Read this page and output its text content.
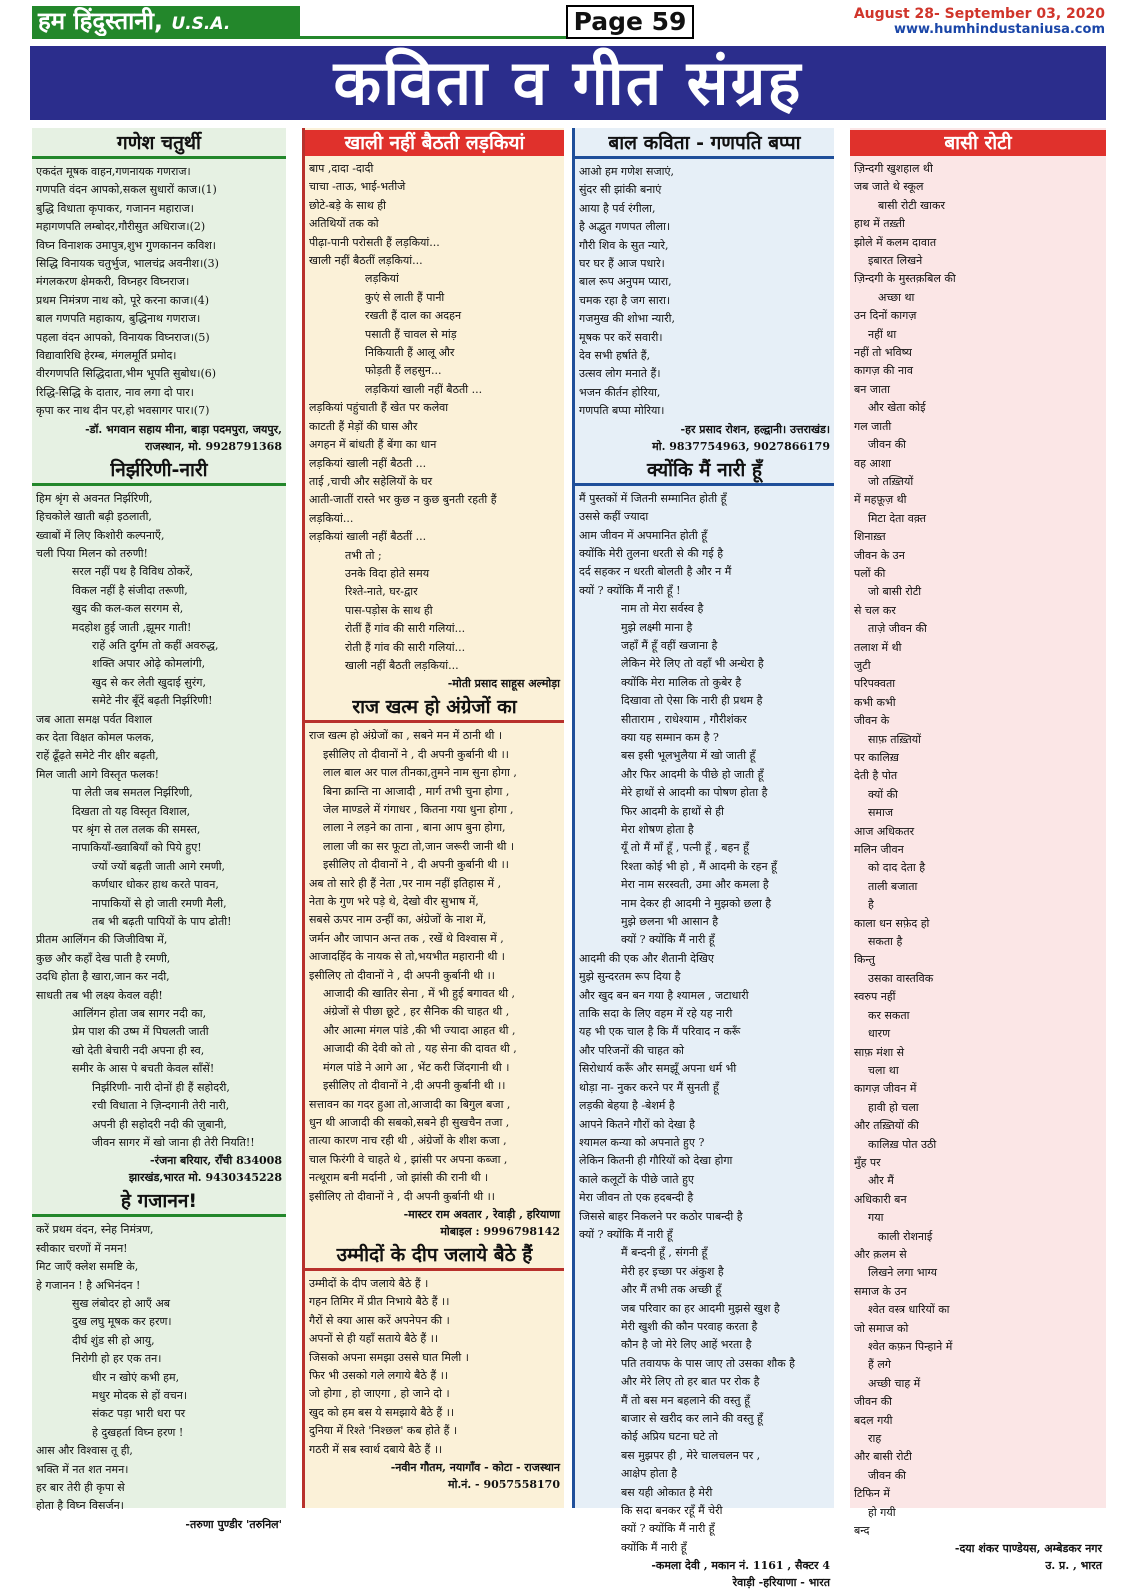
हम हिंदुस्तानी, U.S.A.	Page 59	August 28- September 03, 2020
www.humhindustaniusa.com
कविता व गीत संग्रह
गणेश चतुर्थी
एकदंत मूषक वाहन,गणनायक गणराज।
गणपति वंदन आपको,सकल सुधारों काज।(1)
बुद्धि विधाता कृपाकर, गजानन महाराज।
महागणपति लम्बोदर,गौरीसुत अधिराज।(2)
विघ्न विनाशक उमापुत्र,शुभ गुणकानन कविश।
सिद्धि विनायक चतुर्भुज, भालचंद्र अवनीश।(3)
मंगलकरण क्षेमकरी, विघ्नहर विघ्नराज।
प्रथम निमंत्रण नाथ को, पूरे करना काज।(4)
बाल गणपति महाकाय, बुद्धिनाथ गणराज।
पहला वंदन आपको, विनायक विघ्नराज।(5)
विद्यावारिधि हेरम्ब, मंगलमूर्ति प्रमोद।
वीरगणपति सिद्धिदाता,भीम भूपति सुबोध।(6)
रिद्धि-सिद्धि के दातार, नाव लगा दो पार।
कृपा कर नाथ दीन पर,हो भवसागर पार।(7)
-डॉ. भगवान सहाय मीना, बाड़ा पदमपुरा, जयपुर,
राजस्थान, मो. 9928791368
निर्झरिणी-नारी
हिम श्रृंग से अवनत निर्झरिणी,
हिचकोले खाती बढ़ी इठलाती,
ख्वाबों में लिए किशोरी कल्पनाएँ,
चली पिया मिलन को तरुणी!
सरल नहीं पथ है विविध ठोकरें,
विकल नहीं है संजीदा तरूणी,
खुद की कल-कल सरगम से,
मदहोश हुई जाती ,झूमर गाती!
राहें अति दुर्गम तो कहीं अवरुद्ध,
शक्ति अपार ओढ़े कोमलांगी,
खुद से कर लेती खुदाई सुरंग,
समेटे नीर बूँदें बढ़ती निर्झरिणी!
जब आता समक्ष पर्वत विशाल
कर देता विक्षत कोमल फलक,
राहें ढूँढ़ते समेटे नीर क्षीर बढ़ती,
मिल जाती आगे विस्तृत फलक!
पा लेती जब समतल निर्झरिणी,
दिखता तो यह विस्तृत विशाल,
पर श्रृंग से तल तलक की समस्त,
नापाकियाँ-ख्वाबियाँ को पिये हुए!
ज्यों ज्यों बढ़ती जाती आगे रमणी,
कर्णधार धोकर हाथ करते पावन,
नापाकियों से हो जाती रमणी मैली,
तब भी बढ़ती पापियों के पाप ढोती!
प्रीतम आलिंगन की जिजीविषा में,
कुछ और कहाँ देख पाती है रमणी,
उदधि होता है खारा,जान कर नदी,
साधती तब भी लक्ष्य केवल वही!
आलिंगन होता जब सागर नदी का,
प्रेम पाश की उष्म में पिघलती जाती
खो देती बेचारी नदी अपना ही स्व,
समीर के आस पे बचती केवल साँसें!
निर्झरिणी- नारी दोनों ही हैं सहोदरी,
रची विधाता ने ज़िन्दगानी तेरी नारी,
अपनी ही सहोदरी नदी की ज़ुबानी,
जीवन सागर में खो जाना ही तेरी नियति!!
-रंजना बरियार, राँची 834008
झारखंड,भारत मो. 9430345228
हे गजानन!
करें प्रथम वंदन, स्नेह निमंत्रण,
स्वीकार चरणों में नमन!
मिट जाएँ क्लेश समष्टि के,
हे गजानन ! है अभिनंदन !
सुख लंबोदर हो आएँ अब
दुख लघु मूषक कर हरण।
दीर्घ शुंड सी हो आयु,
निरोगी हो हर एक तन।
धीर न खोएं कभी हम,
मधुर मोदक से हों वचन।
संकट पड़ा भारी धरा पर
हे दुखहर्ता विघ्न हरण !
आस और विश्वास तू ही,
भक्ति में नत शत नमन।
हर बार तेरी ही कृपा से
होता है विघ्न विसर्जन।
-तरुणा पुण्डीर 'तरुनिल'
खाली नहीं बैठती लड़कियां
बाप ,दादा -दादी
चाचा -ताऊ, भाई-भतीजे
छोटे-बड़े के साथ ही
अतिथियों तक को
पीढ़ा-पानी परोसती हैं लड़कियां...
खाली नहीं बैठतीं लड़कियां...
लड़कियां
कुएं से लाती हैं पानी
रखती हैं दाल का अदहन
पसाती हैं चावल से मांड़
निकियाती हैं आलू और
फोड़ती हैं लहसुन...
लड़कियां खाली नहीं बैठती ...
लड़कियां पहुंचाती हैं खेत पर कलेवा
काटती हैं मेड़ों की घास और
अगहन में बांधती हैं बेंगा का धान
लड़कियां खाली नहीं बैठती ...
ताई ,चाची और सहेलियों के घर
आती-जातीं रास्ते भर कुछ न कुछ बुनती रहती हैं
लड़कियां...
लड़कियां खाली नहीं बैठतीं ...
तभी तो ;
उनके विदा होते समय
रिश्ते-नाते, घर-द्वार
पास-पड़ोस के साथ ही
रोतीं हैं गांव की सारी गलियां...
रोती हैं गांव की सारी गलियां...
खाली नहीं बैठती लड़कियां...
-मोती प्रसाद साहूस अल्मोड़ा
राज खत्म हो अंग्रेजों का
राज खत्म हो अंग्रेजों का , सबने मन में ठानी थी ।
इसीलिए तो दीवानों ने , दी अपनी कुर्बानी थी ।।
लाल बाल अर पाल तीनका,तुमने नाम सुना होगा ,
बिना क्रान्ति ना आजादी , मार्ग तभी चुना होगा ,
जेल माण्डले में गंगाधर , कितना गया धुना होगा ,
लाला ने लड़ने का ताना , बाना आप बुना होगा,
लाला जी का सर फूटा तो,जान जरूरी जानी थी ।
इसीलिए तो दीवानों ने , दी अपनी कुर्बानी थी ।।
अब तो सारे ही हैं नेता ,पर नाम नहीं इतिहास में ,
नेता के गुण भरे पड़े थे, देखो वीर सुभाष में,
सबसे ऊपर नाम उन्हीं का, अंग्रेजों के नाश में,
जर्मन और जापान अन्त तक , रखें थे विश्वास में ,
आजादहिंद के नायक से तो,भयभीत महारानी थी ।
इसीलिए तो दीवानों ने , दी अपनी कुर्बानी थी ।।
आजादी की खातिर सेना , में भी हुई बगावत थी ,
अंग्रेजों से पीछा छूटे , हर सैनिक की चाहत थी ,
और आत्मा मंगल पांडे ,की भी ज्यादा आहत थी ,
आजादी की देवी को तो , यह सेना की दावत थी ,
मंगल पांडे ने आगे आ , भेंट करी जिंदगानी थी ।
इसीलिए तो दीवानों ने ,दी अपनी कुर्बानी थी ।।
सत्तावन का गदर हुआ तो,आजादी का बिगुल बजा ,
धुन थी आजादी की सबको,सबने ही सुखचैन तजा ,
तात्या कारण नाच रही थी , अंग्रेजों के शीश कजा ,
चाल फिरंगी वे चाहते थे , झांसी पर अपना कब्जा ,
नत्थूराम बनी मर्दानी , जो झांसी की रानी थी ।
इसीलिए तो दीवानों ने , दी अपनी कुर्बानी थी ।।
-मास्टर राम अवतार , रेवाड़ी , हरियाणा
मोबाइल : 9996798142
उम्मीदों के दीप जलाये बैठे हैं
उम्मीदों के दीप जलाये बैठे हैं ।
गहन तिमिर में प्रीत निभाये बैठे हैं ।।
गैरों से क्या आस करें अपनेपन की ।
अपनों से ही यहाँ सताये बैठे हैं ।।
जिसको अपना समझा उससे घात मिली ।
फिर भी उसको गले लगाये बैठे हैं ।।
जो होगा , हो जाएगा , हो जाने दो ।
खुद को हम बस ये समझाये बैठे हैं ।।
दुनिया में रिश्ते 'निश्छल' कब होते हैं ।
गठरी में सब स्वार्थ दबाये बैठे हैं ।।
-नवीन गौतम, नयागाँव - कोटा - राजस्थान
मो.नं. - 9057558170
बाल कविता - गणपति बप्पा
आओ हम गणेश सजाएं,
सुंदर सी झांकी बनाएं
आया है पर्व रंगीला,
है अद्भुत गणपत लीला।
गौरी शिव के सुत न्यारे,
घर घर हैं आज पधारे।
बाल रूप अनुपम प्यारा,
चमक रहा है जग सारा।
गजमुख की शोभा न्यारी,
मूषक पर करें सवारी।
देव सभी हर्षाते हैं,
उत्सव लोग मनाते हैं।
भजन कीर्तन होरिया,
गणपति बप्पा मोरिया।
-हर प्रसाद रोशन, हल्द्वानी। उत्तराखंड।
मो. 9837754963, 9027866179
क्योंकि मैं नारी हूँ
मैं पुस्तकों में जितनी सम्मानित होती हूँ
उससे कहीं ज्यादा
आम जीवन में अपमानित होती हूँ
क्योंकि मेरी तुलना धरती से की गई है
दर्द सहकर न धरती बोलती है और न मैं
क्यों ? क्योंकि मैं नारी हूँ !
नाम तो मेरा सर्वस्व है
मुझे लक्ष्मी माना है
जहाँ मैं हूँ वहीं खजाना है
लेकिन मेरे लिए तो वहाँ भी अन्धेरा है
क्योंकि मेरा मालिक तो कुबेर है
दिखावा तो ऐसा कि नारी ही प्रथम है
सीताराम , राधेश्याम , गौरीशंकर
क्या यह सम्मान कम है ?
बस इसी भूलभुलैया में खो जाती हूँ
और फिर आदमी के पीछे हो जाती हूँ
मेरे हाथों से आदमी का पोषण होता है
फिर आदमी के हाथों से ही
मेरा शोषण होता है
यूँ तो मैं माँ हूँ , पत्नी हूँ , बहन हूँ
रिश्ता कोई भी हो , मैं आदमी के रहन हूँ
मेरा नाम सरस्वती, उमा और कमला है
नाम देकर ही आदमी ने मुझको छला है
मुझे छलना भी आसान है
क्यों ? क्योंकि मैं नारी हूँ
आदमी की एक और शैतानी देखिए
मुझे सुन्दरतम रूप दिया है
और खुद बन बन गया है श्यामल , जटाधारी
ताकि सदा के लिए वहम में रहे यह नारी
यह भी एक चाल है कि मैं परिवाद न करूँ
और परिजनों की चाहत को
सिरोधार्य करूँ और समझूँ अपना धर्म भी
थोड़ा ना- नुकर करने पर मैं सुनती हूँ
लड़की बेहया है -बेशर्म है
आपने कितने गौरों को देखा है
श्यामल कन्या को अपनाते हुए ?
लेकिन कितनी ही गौरियों को देखा होगा
काले कलूटों के पीछे जाते हुए
मेरा जीवन तो एक हदबन्दी है
जिससे बाहर निकलने पर कठोर पाबन्दी है
क्यों ? क्योंकि मैं नारी हूँ
मैं बन्दनी हूँ , संगनी हूँ
मेरी हर इच्छा पर अंकुश है
और मैं तभी तक अच्छी हूँ
जब परिवार का हर आदमी मुझसे खुश है
मेरी खुशी की कौन परवाह करता है
कौन है जो मेरे लिए आहें भरता है
पति तवायफ के पास जाए तो उसका शौक है
और मेरे लिए तो हर बात पर रोक है
मैं तो बस मन बहलाने की वस्तु हूँ
बाजार से खरीद कर लाने की वस्तु हूँ
कोई अप्रिय घटना घटे तो
बस मुझपर ही , मेरे चालचलन पर ,
आक्षेप होता है
बस यही ओकात है मेरी
कि सदा बनकर रहूँ मैं चेरी
क्यों ? क्योंकि मैं नारी हूँ
क्योंकि मैं नारी हूँ
-कमला देवी , मकान नं. 1161 , सैक्टर 4
रेवाड़ी -हरियाणा - भारत
बासी रोटी
ज़िन्दगी खुशहाल थी
जब जाते थे स्कूल
बासी रोटी खाकर
हाथ में तख़्ती
झोले में कलम दावात
इबारत लिखने
ज़िन्दगी के मुस्तक़बिल की
अच्छा था
उन दिनों कागज़
नहीं था
नहीं तो भविष्य
कागज़ की नाव
बन जाता
और खेता कोई
गल जाती
जीवन की
वह आशा
जो तख़्तियों
में महफ़ूज़ थी
मिटा देता वक़्त
शिनाख़्त
जीवन के उन
पलों की
जो बासी रोटी
से चल कर
ताज़े जीवन की
तलाश में थी
जुटी
परिपक्वता
कभी कभी
जीवन के
साफ़ तख़्तियों
पर कालिख़
देती है पोत
क्यों की
समाज
आज अधिकतर
मलिन जीवन
को दाद देता है
ताली बजाता
है
काला धन सफ़ेद हो
सकता है
किन्तु
उसका वास्तविक
स्वरुप नहीं
कर सकता
धारण
साफ़ मंशा से
चला था
कागज़ जीवन में
हावी हो चला
और तख़्तियों की
कालिख़ पोत उठी
मुँह पर
और मैं
अधिकारी बन
गया
काली रोशनाई
और क़लम से
लिखने लगा भाग्य
समाज के उन
श्वेत वस्त्र धारियों का
जो समाज को
श्वेत कफ़न पिन्हाने में
हैं लगे
अच्छी चाह में
जीवन की
बदल गयी
राह
और बासी रोटी
जीवन की
टिफिन में
हो गयी
बन्द
-दया शंकर पाण्डेयस, अम्बेडकर नगर
उ. प्र. , भारत
